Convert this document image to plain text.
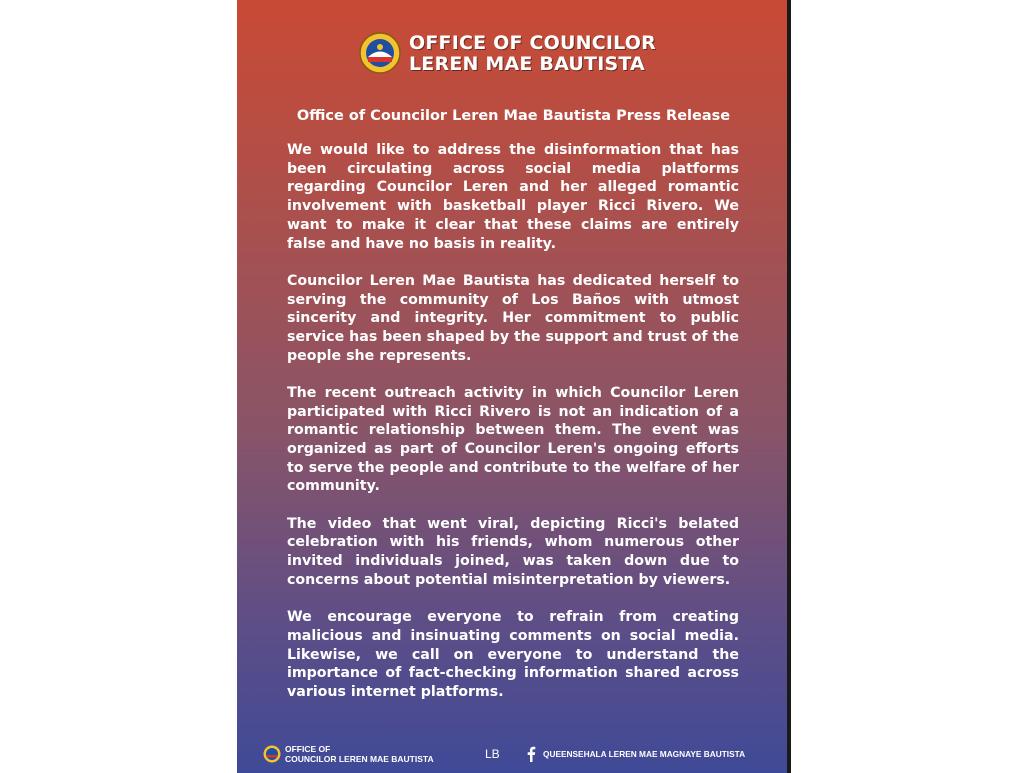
OFFICE OF COUNCILOR
LEREN MAE BAUTISTA
Office of Councilor Leren Mae Bautista Press Release

We would like to address the disinformation that has been circulating across social media platforms regarding Councilor Leren and her alleged romantic involvement with basketball player Ricci Rivero. We want to make it clear that these claims are entirely false and have no basis in reality.

Councilor Leren Mae Bautista has dedicated herself to serving the community of Los Baños with utmost sincerity and integrity. Her commitment to public service has been shaped by the support and trust of the people she represents.

The recent outreach activity in which Councilor Leren participated with Ricci Rivero is not an indication of a romantic relationship between them. The event was organized as part of Councilor Leren's ongoing efforts to serve the people and contribute to the welfare of her community.

The video that went viral, depicting Ricci's belated celebration with his friends, whom numerous other invited individuals joined, was taken down due to concerns about potential misinterpretation by viewers.

We encourage everyone to refrain from creating malicious and insinuating comments on social media. Likewise, we call on everyone to understand the importance of fact-checking information shared across various internet platforms.

OFFICE OF
COUNCILOR LEREN MAE BAUTISTA	LB	QUEENSEHALA LEREN MAE MAGNAYE BAUTISTA
